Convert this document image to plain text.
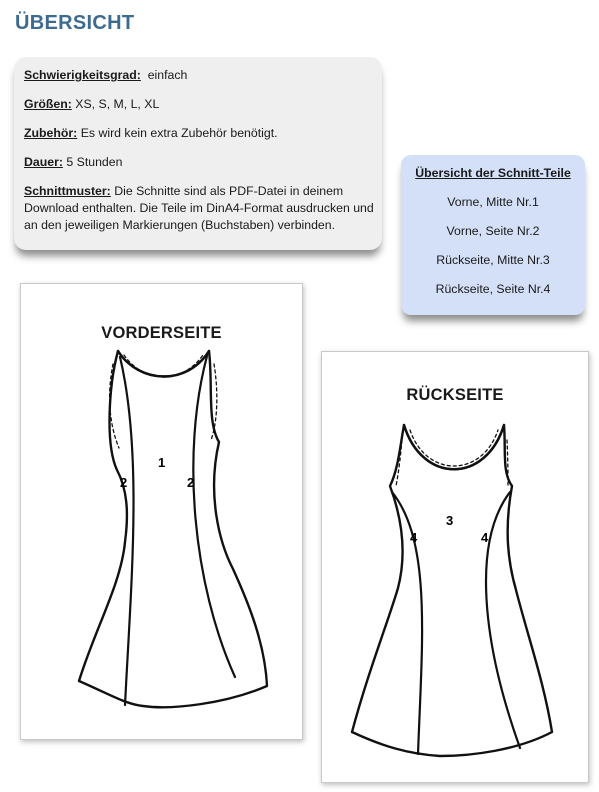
ÜBERSICHT
Schwierigkeitsgrad: einfach
Größen: XS, S, M, L, XL
Zubehör: Es wird kein extra Zubehör benötigt.
Dauer: 5 Stunden
Schnittmuster: Die Schnitte sind als PDF-Datei in deinem Download enthalten. Die Teile im DinA4-Format ausdrucken und an den jeweiligen Markierungen (Buchstaben) verbinden.
Übersicht der Schnitt-Teile
Vorne, Mitte Nr.1
Vorne, Seite Nr.2
Rückseite, Mitte Nr.3
Rückseite, Seite Nr.4
VORDERSEITE
1
2	2
RÜCKSEITE
3
4	4
